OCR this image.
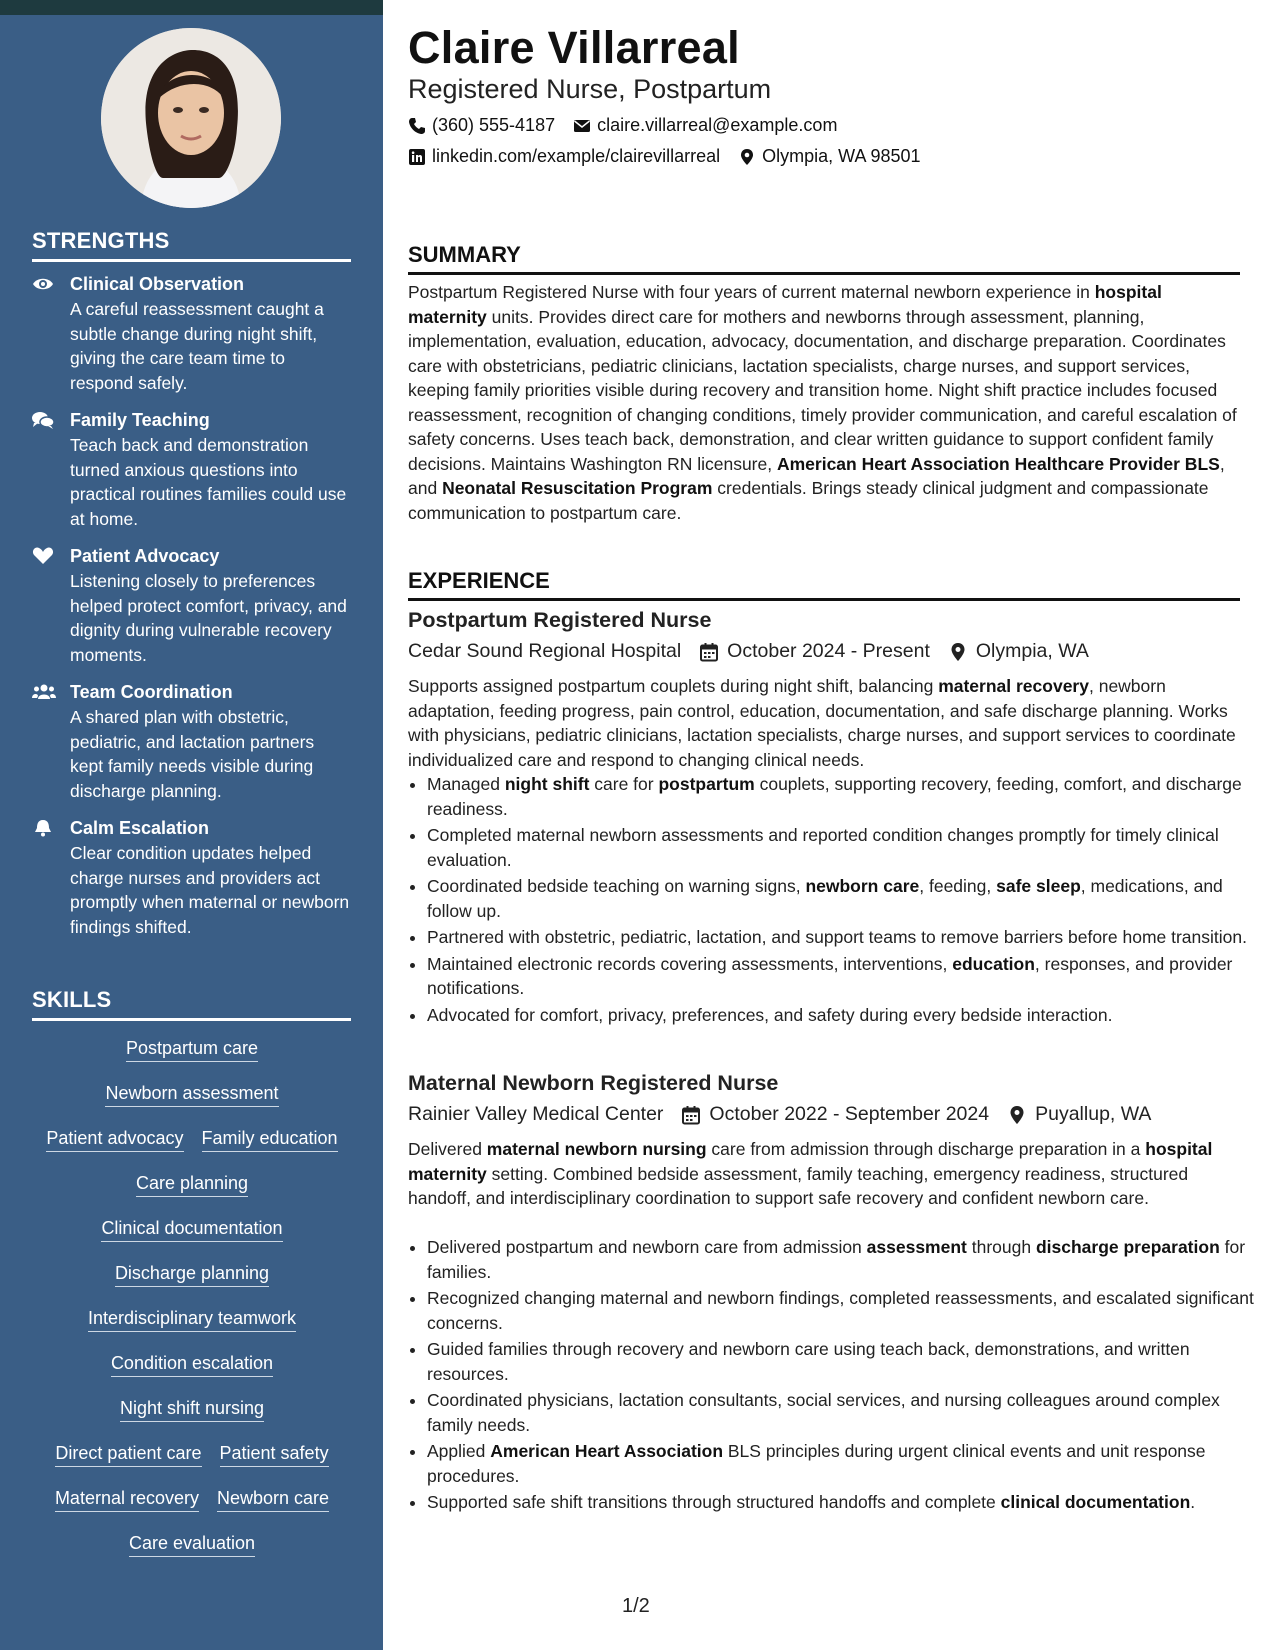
STRENGTHS
Clinical Observation
A careful reassessment caught a subtle change during night shift, giving the care team time to respond safely.
Family Teaching
Teach back and demonstration turned anxious questions into practical routines families could use at home.
Patient Advocacy
Listening closely to preferences helped protect comfort, privacy, and dignity during vulnerable recovery moments.
Team Coordination
A shared plan with obstetric, pediatric, and lactation partners kept family needs visible during discharge planning.
Calm Escalation
Clear condition updates helped charge nurses and providers act promptly when maternal or newborn findings shifted.
SKILLS
Postpartum care
Newborn assessment
Patient advocacy Family education
Care planning
Clinical documentation
Discharge planning
Interdisciplinary teamwork
Condition escalation
Night shift nursing
Direct patient care Patient safety
Maternal recovery Newborn care
Care evaluation
Claire Villarreal
Registered Nurse, Postpartum
(360) 555-4187 claire.villarreal@example.com
linkedin.com/example/clairevillarreal Olympia, WA 98501
SUMMARY
Postpartum Registered Nurse with four years of current maternal newborn experience in hospital maternity units. Provides direct care for mothers and newborns through assessment, planning, implementation, evaluation, education, advocacy, documentation, and discharge preparation. Coordinates care with obstetricians, pediatric clinicians, lactation specialists, charge nurses, and support services, keeping family priorities visible during recovery and transition home. Night shift practice includes focused reassessment, recognition of changing conditions, timely provider communication, and careful escalation of safety concerns. Uses teach back, demonstration, and clear written guidance to support confident family decisions. Maintains Washington RN licensure, American Heart Association Healthcare Provider BLS, and Neonatal Resuscitation Program credentials. Brings steady clinical judgment and compassionate communication to postpartum care.
EXPERIENCE
Postpartum Registered Nurse
Cedar Sound Regional Hospital October 2024 - Present Olympia, WA
Supports assigned postpartum couplets during night shift, balancing maternal recovery, newborn adaptation, feeding progress, pain control, education, documentation, and safe discharge planning. Works with physicians, pediatric clinicians, lactation specialists, charge nurses, and support services to coordinate individualized care and respond to changing clinical needs.
• Managed night shift care for postpartum couplets, supporting recovery, feeding, comfort, and discharge readiness.
• Completed maternal newborn assessments and reported condition changes promptly for timely clinical evaluation.
• Coordinated bedside teaching on warning signs, newborn care, feeding, safe sleep, medications, and follow up.
• Partnered with obstetric, pediatric, lactation, and support teams to remove barriers before home transition.
• Maintained electronic records covering assessments, interventions, education, responses, and provider notifications.
• Advocated for comfort, privacy, preferences, and safety during every bedside interaction.
Maternal Newborn Registered Nurse
Rainier Valley Medical Center October 2022 - September 2024 Puyallup, WA
Delivered maternal newborn nursing care from admission through discharge preparation in a hospital maternity setting. Combined bedside assessment, family teaching, emergency readiness, structured handoff, and interdisciplinary coordination to support safe recovery and confident newborn care.
• Delivered postpartum and newborn care from admission assessment through discharge preparation for families.
• Recognized changing maternal and newborn findings, completed reassessments, and escalated significant concerns.
• Guided families through recovery and newborn care using teach back, demonstrations, and written resources.
• Coordinated physicians, lactation consultants, social services, and nursing colleagues around complex family needs.
• Applied American Heart Association BLS principles during urgent clinical events and unit response procedures.
• Supported safe shift transitions through structured handoffs and complete clinical documentation.
1/2
